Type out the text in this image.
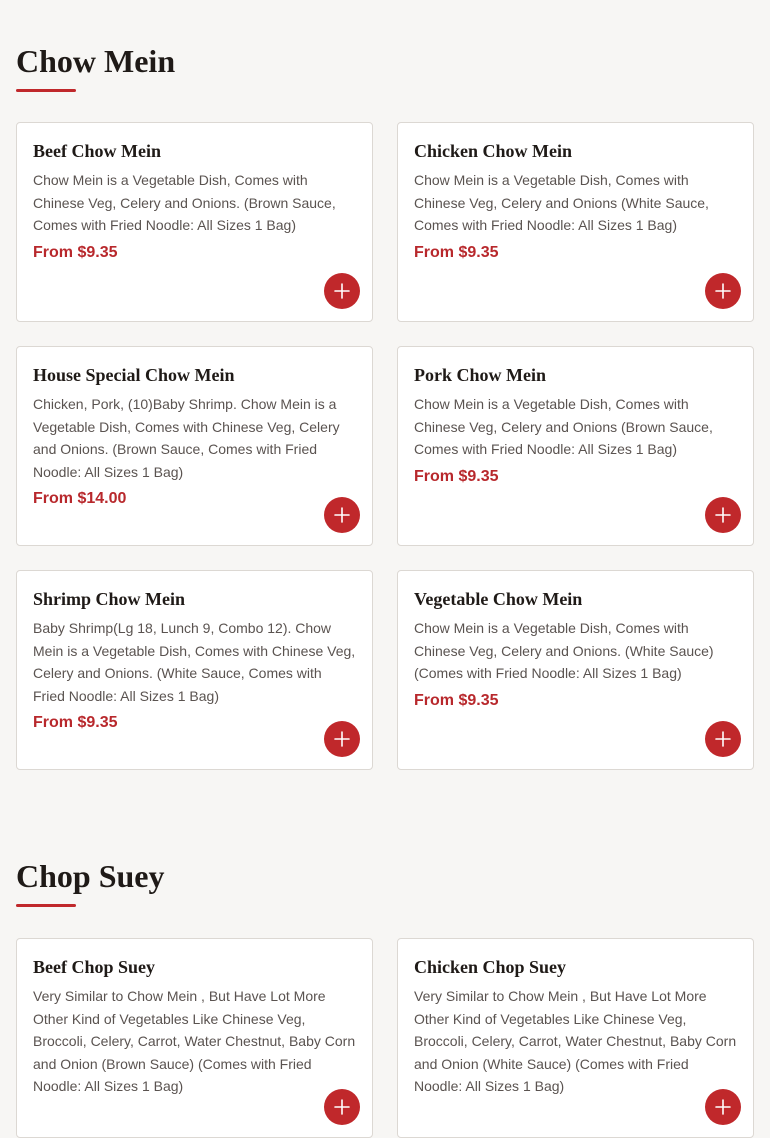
Chow Mein
Beef Chow Mein

Chow Mein is a Vegetable Dish, Comes with Chinese Veg, Celery and Onions. (Brown Sauce, Comes with Fried Noodle: All Sizes 1 Bag)

From $9.35
Chicken Chow Mein

Chow Mein is a Vegetable Dish, Comes with Chinese Veg, Celery and Onions (White Sauce, Comes with Fried Noodle: All Sizes 1 Bag)

From $9.35
House Special Chow Mein

Chicken, Pork, (10)Baby Shrimp. Chow Mein is a Vegetable Dish, Comes with Chinese Veg, Celery and Onions. (Brown Sauce, Comes with Fried Noodle: All Sizes 1 Bag)

From $14.00
Pork Chow Mein

Chow Mein is a Vegetable Dish, Comes with Chinese Veg, Celery and Onions (Brown Sauce, Comes with Fried Noodle: All Sizes 1 Bag)

From $9.35
Shrimp Chow Mein

Baby Shrimp(Lg 18, Lunch 9, Combo 12). Chow Mein is a Vegetable Dish, Comes with Chinese Veg, Celery and Onions. (White Sauce, Comes with Fried Noodle: All Sizes 1 Bag)

From $9.35
Vegetable Chow Mein

Chow Mein is a Vegetable Dish, Comes with Chinese Veg, Celery and Onions. (White Sauce) (Comes with Fried Noodle: All Sizes 1 Bag)

From $9.35
Chop Suey
Beef Chop Suey

Very Similar to Chow Mein , But Have Lot More Other Kind of Vegetables Like Chinese Veg, Broccoli, Celery, Carrot, Water Chestnut, Baby Corn and Onion (Brown Sauce) (Comes with Fried Noodle: All Sizes 1 Bag)

Chicken Chop Suey

Very Similar to Chow Mein , But Have Lot More Other Kind of Vegetables Like Chinese Veg, Broccoli, Celery, Carrot, Water Chestnut, Baby Corn and Onion (White Sauce) (Comes with Fried Noodle: All Sizes 1 Bag)
